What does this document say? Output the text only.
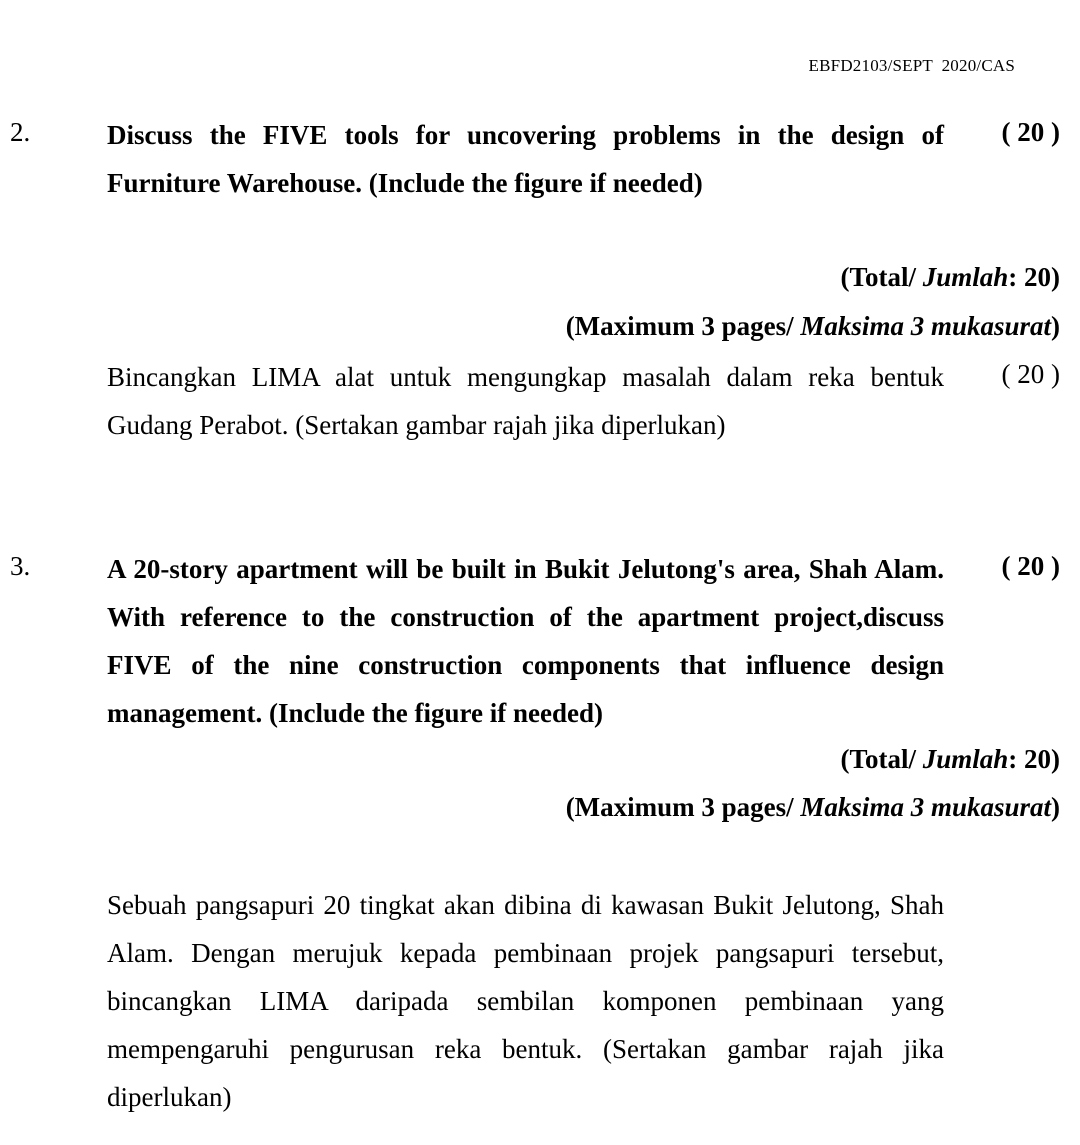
EBFD2103/SEPT  2020/CAS
2.	Discuss the FIVE tools for uncovering problems in the design of Furniture Warehouse. (Include the figure if needed)
( 20 )
(Total/ Jumlah: 20)
(Maximum 3 pages/ Maksima 3 mukasurat)
Bincangkan LIMA alat untuk mengungkap masalah dalam reka bentuk Gudang Perabot. (Sertakan gambar rajah jika diperlukan)
( 20 )
3.	A 20-story apartment will be built in Bukit Jelutong's area, Shah Alam. With reference to the construction of the apartment project,discuss FIVE of the nine construction components that influence design management. (Include the figure if needed)
( 20 )
(Total/ Jumlah: 20)
(Maximum 3 pages/ Maksima 3 mukasurat)
Sebuah pangsapuri 20 tingkat akan dibina di kawasan Bukit Jelutong, Shah Alam. Dengan merujuk kepada pembinaan projek pangsapuri tersebut, bincangkan LIMA daripada sembilan komponen pembinaan yang mempengaruhi pengurusan reka bentuk. (Sertakan gambar rajah jika diperlukan)
